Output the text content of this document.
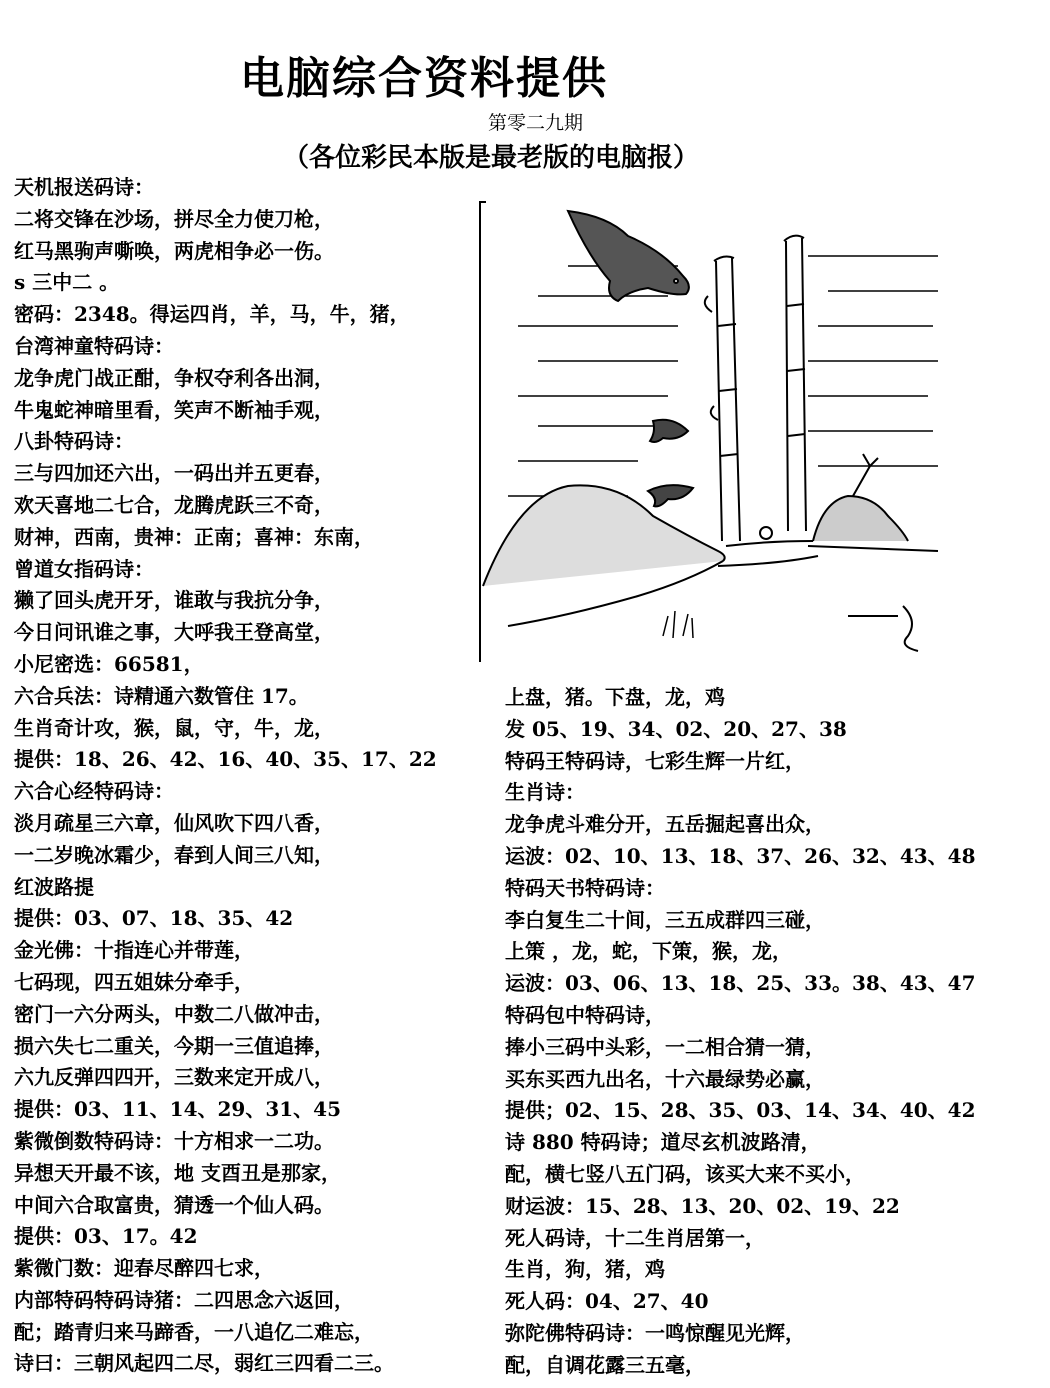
电脑综合资料提供
第零二九期
（各位彩民本版是最老版的电脑报）
天机报送码诗：
二将交锋在沙场，拼尽全力使刀枪，
红马黑驹声嘶唤，两虎相争必一伤。
s 三中二 。
密码：2348。得运四肖，羊，马，牛，猪，
台湾神童特码诗：
龙争虎门战正酣，争权夺利各出洞，
牛鬼蛇神暗里看，笑声不断袖手观，
八卦特码诗：
三与四加还六出，一码出并五更春，
欢天喜地二七合，龙腾虎跃三不奇，
财神，西南，贵神：正南；喜神：东南，
曾道女指码诗：
獭了回头虎开牙，谁敢与我抗分争，
今日问讯谁之事，大呼我王登高堂，
小尼密选：66581，
六合兵法：诗精通六数管住 17。
生肖奇计攻，猴，鼠，守，牛，龙，
提供：18、26、42、16、40、35、17、22
六合心经特码诗：
淡月疏星三六章，仙风吹下四八香，
一二岁晚冰霜少，春到人间三八知，
红波路提
提供：03、07、18、35、42
金光佛：十指连心并带莲，
七码现，四五姐妹分牵手，
密门一六分两头，中数二八做冲击，
损六失七二重关，今期一三值追捧，
六九反弹四四开，三数来定开成八，
提供：03、11、14、29、31、45
紫微倒数特码诗：十方相求一二功。
异想天开最不该，地 支酉丑是那家，
中间六合取富贵，猜透一个仙人码。
提供：03、17。42
紫微门数：迎春尽醉四七求，
内部特码特码诗猪：二四思念六返回，
配；踏青归来马蹄香，一八追亿二难忘，
诗曰：三朝风起四二尽，弱红三四看二三。
上盘，猪。下盘，龙，鸡
发 05、19、34、02、20、27、38
特码王特码诗，七彩生辉一片红，
生肖诗：
龙争虎斗难分开，五岳掘起喜出众，
运波：02、10、13、18、37、26、32、43、48
特码天书特码诗：
李白复生二十间，三五成群四三碰，
上策 ，龙，蛇，下策，猴，龙，
运波：03、06、13、18、25、33。38、43、47
特码包中特码诗，
捧小三码中头彩，一二相合猜一猜，
买东买西九出名，十六最绿势必赢，
提供；02、15、28、35、03、14、34、40、42
诗 880 特码诗；道尽玄机波路清，
配，横七竖八五门码，该买大来不买小，
财运波：15、28、13、20、02、19、22
死人码诗，十二生肖居第一，
生肖，狗，猪，鸡
死人码：04、27、40
弥陀佛特码诗：一鸣惊醒见光辉，
配，自调花露三五毫，
